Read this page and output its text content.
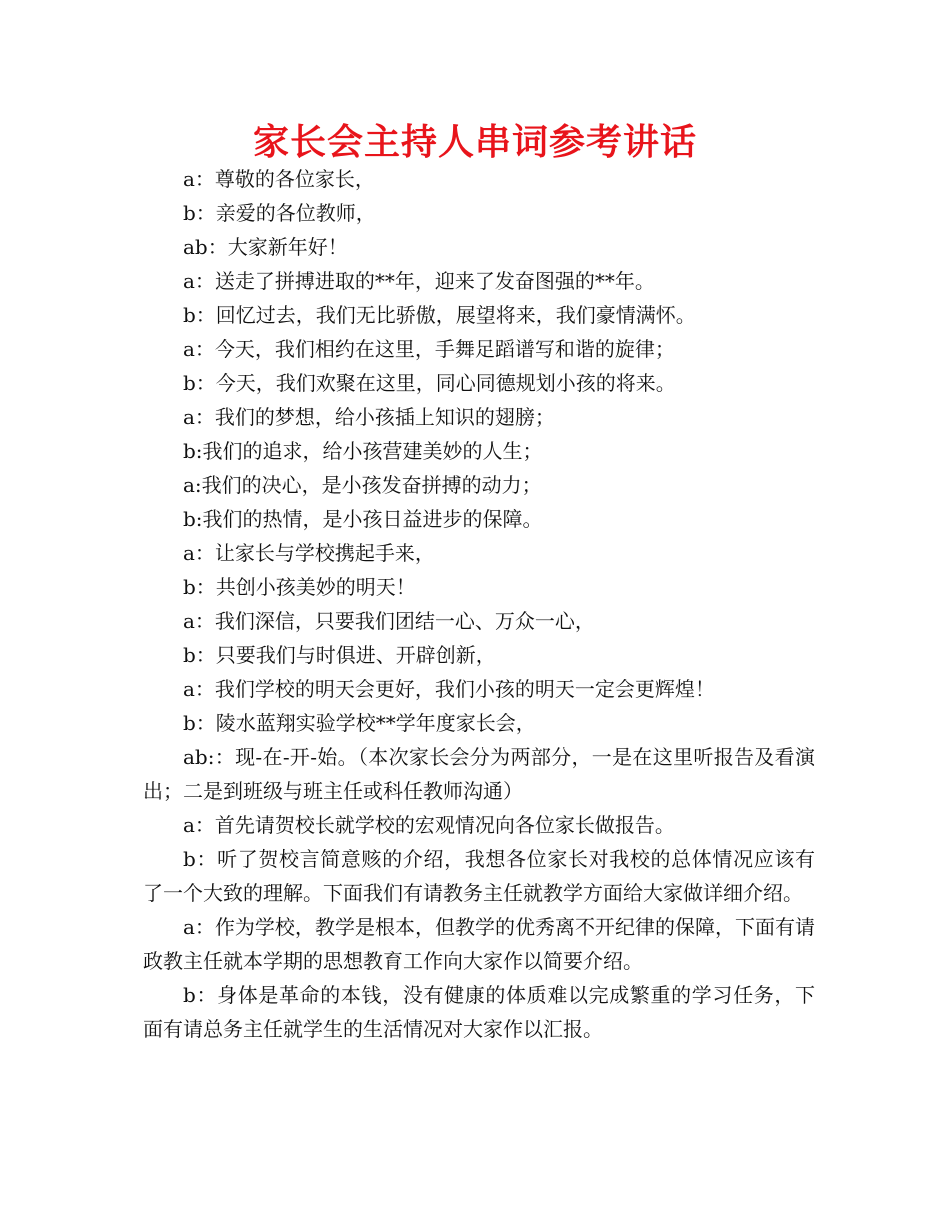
家长会主持人串词参考讲话

a：尊敬的各位家长，

b：亲爱的各位教师，

ab：大家新年好！

a：送走了拼搏进取的**年，迎来了发奋图强的**年。

b：回忆过去，我们无比骄傲，展望将来，我们豪情满怀。

a：今天，我们相约在这里，手舞足蹈谱写和谐的旋律；

b：今天，我们欢聚在这里，同心同德规划小孩的将来。

a：我们的梦想，给小孩插上知识的翅膀；

b:我们的追求，给小孩营建美妙的人生；

a:我们的决心，是小孩发奋拼搏的动力；

b:我们的热情，是小孩日益进步的保障。

a：让家长与学校携起手来，

b：共创小孩美妙的明天！

a：我们深信，只要我们团结一心、万众一心，

b：只要我们与时俱进、开辟创新，

a：我们学校的明天会更好，我们小孩的明天一定会更辉煌！

b：陵水蓝翔实验学校**学年度家长会，

ab:：现-在-开-始。（本次家长会分为两部分，一是在这里听报告及看演出；二是到班级与班主任或科任教师沟通）

a：首先请贺校长就学校的宏观情况向各位家长做报告。

b：听了贺校言简意赅的介绍，我想各位家长对我校的总体情况应该有了一个大致的理解。下面我们有请教务主任就教学方面给大家做详细介绍。

a：作为学校，教学是根本，但教学的优秀离不开纪律的保障，下面有请政教主任就本学期的思想教育工作向大家作以简要介绍。

b：身体是革命的本钱，没有健康的体质难以完成繁重的学习任务，下面有请总务主任就学生的生活情况对大家作以汇报。
